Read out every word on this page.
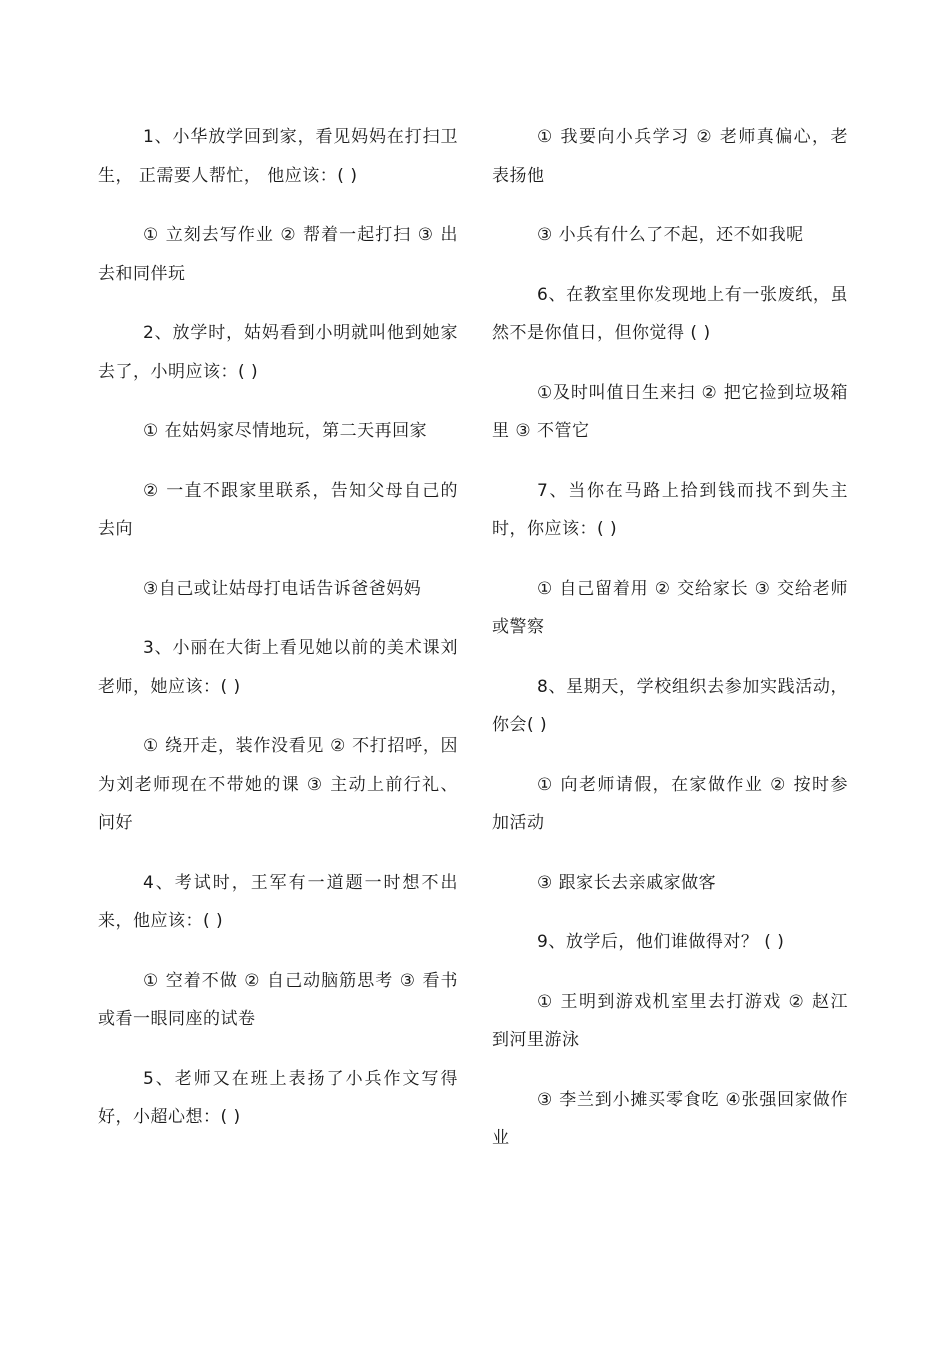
1、小华放学回到家，看见妈妈在打扫卫 生， 正需要人帮忙， 他应该：( )

① 立刻去写作业 ② 帮着一起打扫 ③ 出去和同伴玩

2、放学时，姑妈看到小明就叫他到她家去了，小明应该：( )

① 在姑妈家尽情地玩，第二天再回家

② 一直不跟家里联系，告知父母自己的去向

③自己或让姑母打电话告诉爸爸妈妈

3、小丽在大街上看见她以前的美术课刘老师，她应该：( )

① 绕开走，装作没看见 ② 不打招呼，因为刘老师现在不带她的课 ③ 主动上前行礼、问好

4、考试时，王军有一道题一时想不出来，他应该：( )

① 空着不做 ② 自己动脑筋思考 ③ 看书或看一眼同座的试卷

5、老师又在班上表扬了小兵作文写得好，小超心想：( )

① 我要向小兵学习 ② 老师真偏心，老表扬他

③ 小兵有什么了不起，还不如我呢

6、在教室里你发现地上有一张废纸，虽然不是你值日，但你觉得 ( )

①及时叫值日生来扫 ② 把它捡到垃圾箱里 ③ 不管它

7、当你在马路上拾到钱而找不到失主时，你应该：( )

① 自己留着用 ② 交给家长 ③ 交给老师或警察

8、星期天，学校组织去参加实践活动，你会( )

① 向老师请假，在家做作业 ② 按时参加活动

③ 跟家长去亲戚家做客

9、放学后，他们谁做得对？ ( )

① 王明到游戏机室里去打游戏 ② 赵江到河里游泳

③ 李兰到小摊买零食吃 ④张强回家做作业
